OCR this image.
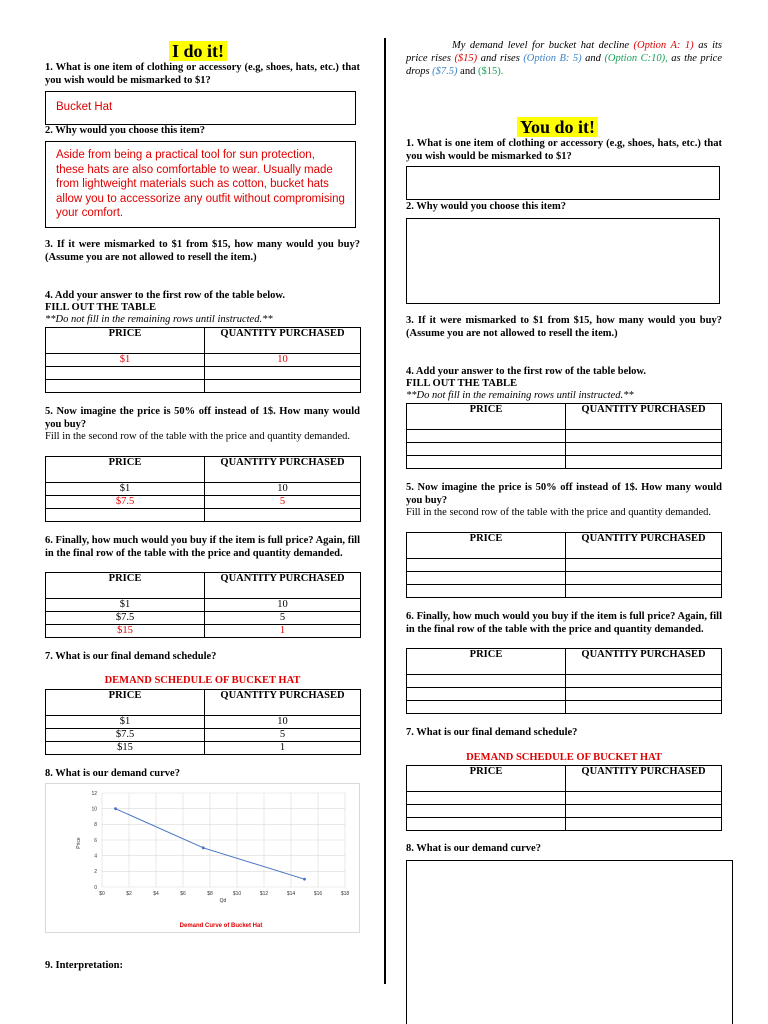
I do it!
1. What is one item of clothing or accessory (e.g, shoes, hats, etc.) that you wish would be mismarked to $1?
Bucket Hat
2. Why would you choose this item?
Aside from being a practical tool for sun protection, these hats are also comfortable to wear. Usually made from lightweight materials such as cotton, bucket hats allow you to accessorize any outfit without compromising your comfort.
3. If it were mismarked to $1 from $15, how many would you buy? (Assume you are not allowed to resell the item.)
4. Add your answer to the first row of the table below.
FILL OUT THE TABLE
**Do not fill in the remaining rows until instructed.**
PRICE	QUANTITY PURCHASED
$1	10

5. Now imagine the price is 50% off instead of 1$. How many would you buy?
Fill in the second row of the table with the price and quantity demanded.
PRICE	QUANTITY PURCHASED
$1	10
$7.5	5

6. Finally, how much would you buy if the item is full price? Again, fill in the final row of the table with the price and quantity demanded.
PRICE	QUANTITY PURCHASED
$1	10
$7.5	5
$15	1
7. What is our final demand schedule?
DEMAND SCHEDULE OF BUCKET HAT
PRICE	QUANTITY PURCHASED
$1	10
$7.5	5
$15	1
8. What is our demand curve?
0
2
4
6
8
10
12
$0	$2	$4	$6	$8	$10	$12	$14	$16	$18
Price
Qd
Demand Curve of Bucket Hat
9. Interpretation:
My demand level for bucket hat decline (Option A: 1) as its price rises ($15) and rises (Option B: 5) and (Option C:10), as the price drops ($7.5) and ($15).
You do it!
1. What is one item of clothing or accessory (e.g, shoes, hats, etc.) that you wish would be mismarked to $1?
2. Why would you choose this item?
3. If it were mismarked to $1 from $15, how many would you buy? (Assume you are not allowed to resell the item.)
4. Add your answer to the first row of the table below.
FILL OUT THE TABLE
**Do not fill in the remaining rows until instructed.**
PRICE	QUANTITY PURCHASED

5. Now imagine the price is 50% off instead of 1$. How many would you buy?
Fill in the second row of the table with the price and quantity demanded.
PRICE	QUANTITY PURCHASED

6. Finally, how much would you buy if the item is full price? Again, fill in the final row of the table with the price and quantity demanded.
PRICE	QUANTITY PURCHASED

7. What is our final demand schedule?
DEMAND SCHEDULE OF BUCKET HAT
PRICE	QUANTITY PURCHASED

8. What is our demand curve?
